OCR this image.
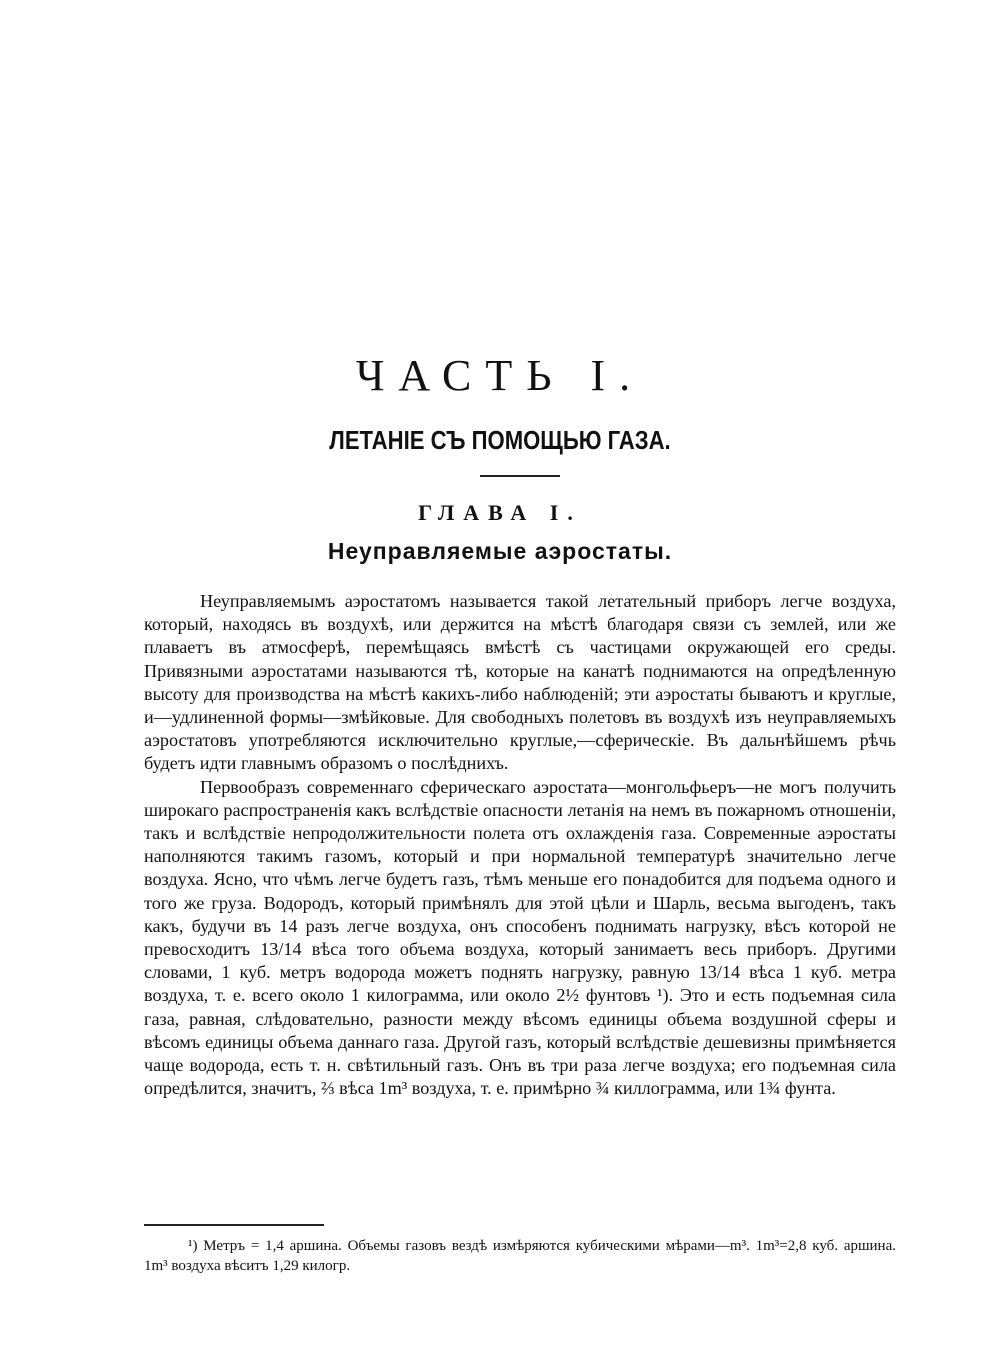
ЧАСТЬ I.
ЛЕТАНІЕ СЪ ПОМОЩЬЮ ГАЗА.
ГЛАВА I.
Неуправляемые аэростаты.

Неуправляемымъ аэростатомъ называется такой летательный приборъ легче воздуха, который, находясь въ воздухѣ, или держится на мѣстѣ благодаря связи съ землей, или же плаваетъ въ атмосферѣ, перемѣщаясь вмѣстѣ съ частицами окружающей его среды. Привязными аэростатами называются тѣ, которые на канатѣ поднимаются на опредѣленную высоту для производства на мѣстѣ какихъ-либо наблюденій; эти аэростаты бываютъ и круглые, и—удлиненной формы—змѣйковые. Для свободныхъ полетовъ въ воздухѣ изъ неуправляемыхъ аэростатовъ употребляются исключительно круглые,—сферическіе. Въ дальнѣйшемъ рѣчь будетъ идти главнымъ образомъ о послѣднихъ.

Первообразъ современнаго сферическаго аэростата—монгольфьеръ—не могъ получить широкаго распространенія какъ вслѣдствіе опасности летанія на немъ въ пожарномъ отношеніи, такъ и вслѣдствіе непродолжительности полета отъ охлажденія газа. Современные аэростаты наполняются такимъ газомъ, который и при нормальной температурѣ значительно легче воздуха. Ясно, что чѣмъ легче будетъ газъ, тѣмъ меньше его понадобится для подъема одного и того же груза. Водородъ, который примѣнялъ для этой цѣли и Шарль, весьма выгоденъ, такъ какъ, будучи въ 14 разъ легче воздуха, онъ способенъ поднимать нагрузку, вѣсъ которой не превосходитъ 13/14 вѣса того объема воздуха, который занимаетъ весь приборъ. Другими словами, 1 куб. метръ водорода можетъ поднять нагрузку, равную 13/14 вѣса 1 куб. метра воздуха, т. е. всего около 1 килограмма, или около 2½ фунтовъ ¹). Это и есть подъемная сила газа, равная, слѣдовательно, разности между вѣсомъ единицы объема воздушной сферы и вѣсомъ единицы объема даннаго газа. Другой газъ, который вслѣдствіе дешевизны примѣняется чаще водорода, есть т. н. свѣтильный газъ. Онъ въ три раза легче воздуха; его подъемная сила опредѣлится, значитъ, ⅔ вѣса 1m³ воздуха, т. е. примѣрно ¾ киллограмма, или 1¾ фунта.

¹) Метръ = 1,4 аршина. Объемы газовъ вездѣ измѣряются кубическими мѣрами—m³. 1m³=2,8 куб. аршина. 1m³ воздуха вѣситъ 1,29 килогр.
